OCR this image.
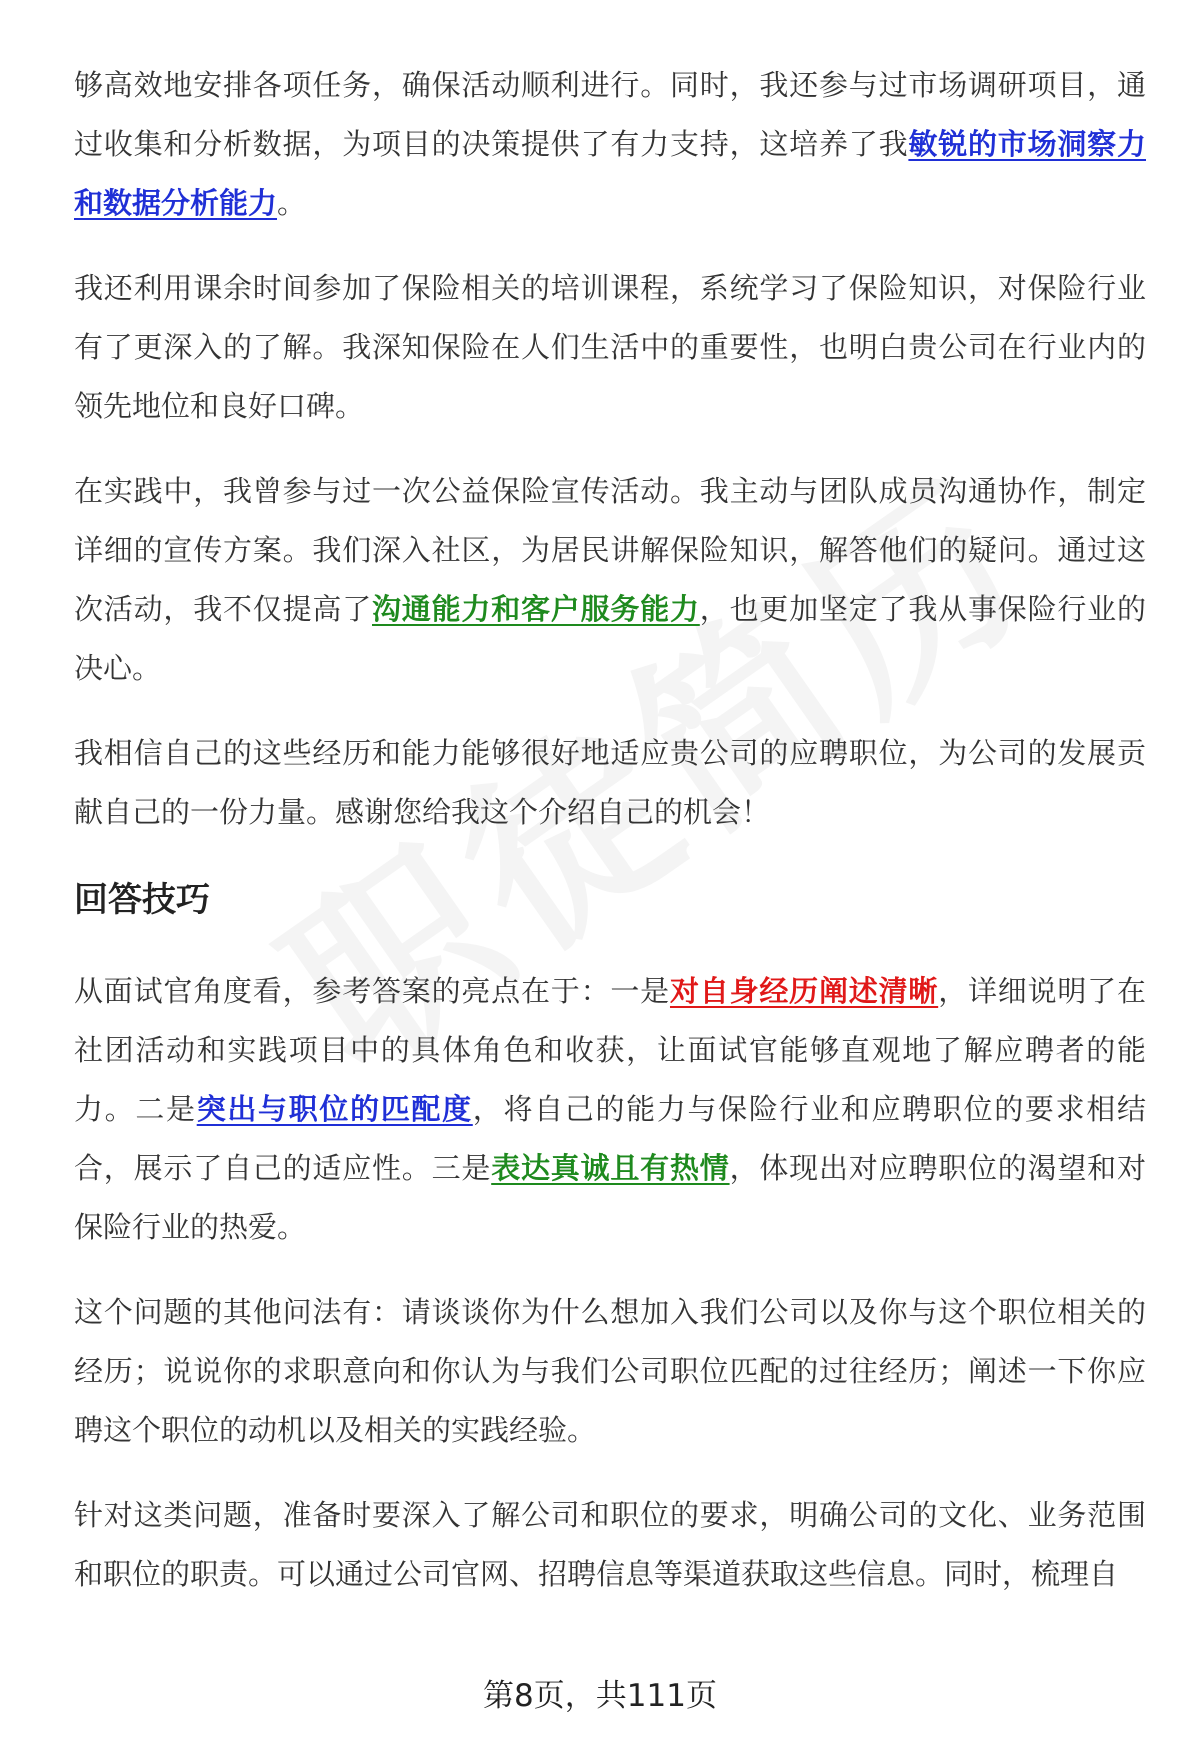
够高效地安排各项任务，确保活动顺利进行。同时，我还参与过市场调研项目，通过收集和分析数据，为项目的决策提供了有力支持，这培养了我敏锐的市场洞察力和数据分析能力。

我还利用课余时间参加了保险相关的培训课程，系统学习了保险知识，对保险行业有了更深入的了解。我深知保险在人们生活中的重要性，也明白贵公司在行业内的领先地位和良好口碑。

在实践中，我曾参与过一次公益保险宣传活动。我主动与团队成员沟通协作，制定详细的宣传方案。我们深入社区，为居民讲解保险知识，解答他们的疑问。通过这次活动，我不仅提高了沟通能力和客户服务能力，也更加坚定了我从事保险行业的决心。

我相信自己的这些经历和能力能够很好地适应贵公司的应聘职位，为公司的发展贡献自己的一份力量。感谢您给我这个介绍自己的机会！

回答技巧

从面试官角度看，参考答案的亮点在于：一是对自身经历阐述清晰，详细说明了在社团活动和实践项目中的具体角色和收获，让面试官能够直观地了解应聘者的能力。二是突出与职位的匹配度，将自己的能力与保险行业和应聘职位的要求相结合，展示了自己的适应性。三是表达真诚且有热情，体现出对应聘职位的渴望和对保险行业的热爱。

这个问题的其他问法有：请谈谈你为什么想加入我们公司以及你与这个职位相关的经历；说说你的求职意向和你认为与我们公司职位匹配的过往经历；阐述一下你应聘这个职位的动机以及相关的实践经验。

针对这类问题，准备时要深入了解公司和职位的要求，明确公司的文化、业务范围和职位的职责。可以通过公司官网、招聘信息等渠道获取这些信息。同时，梳理自

第8页，共111页
